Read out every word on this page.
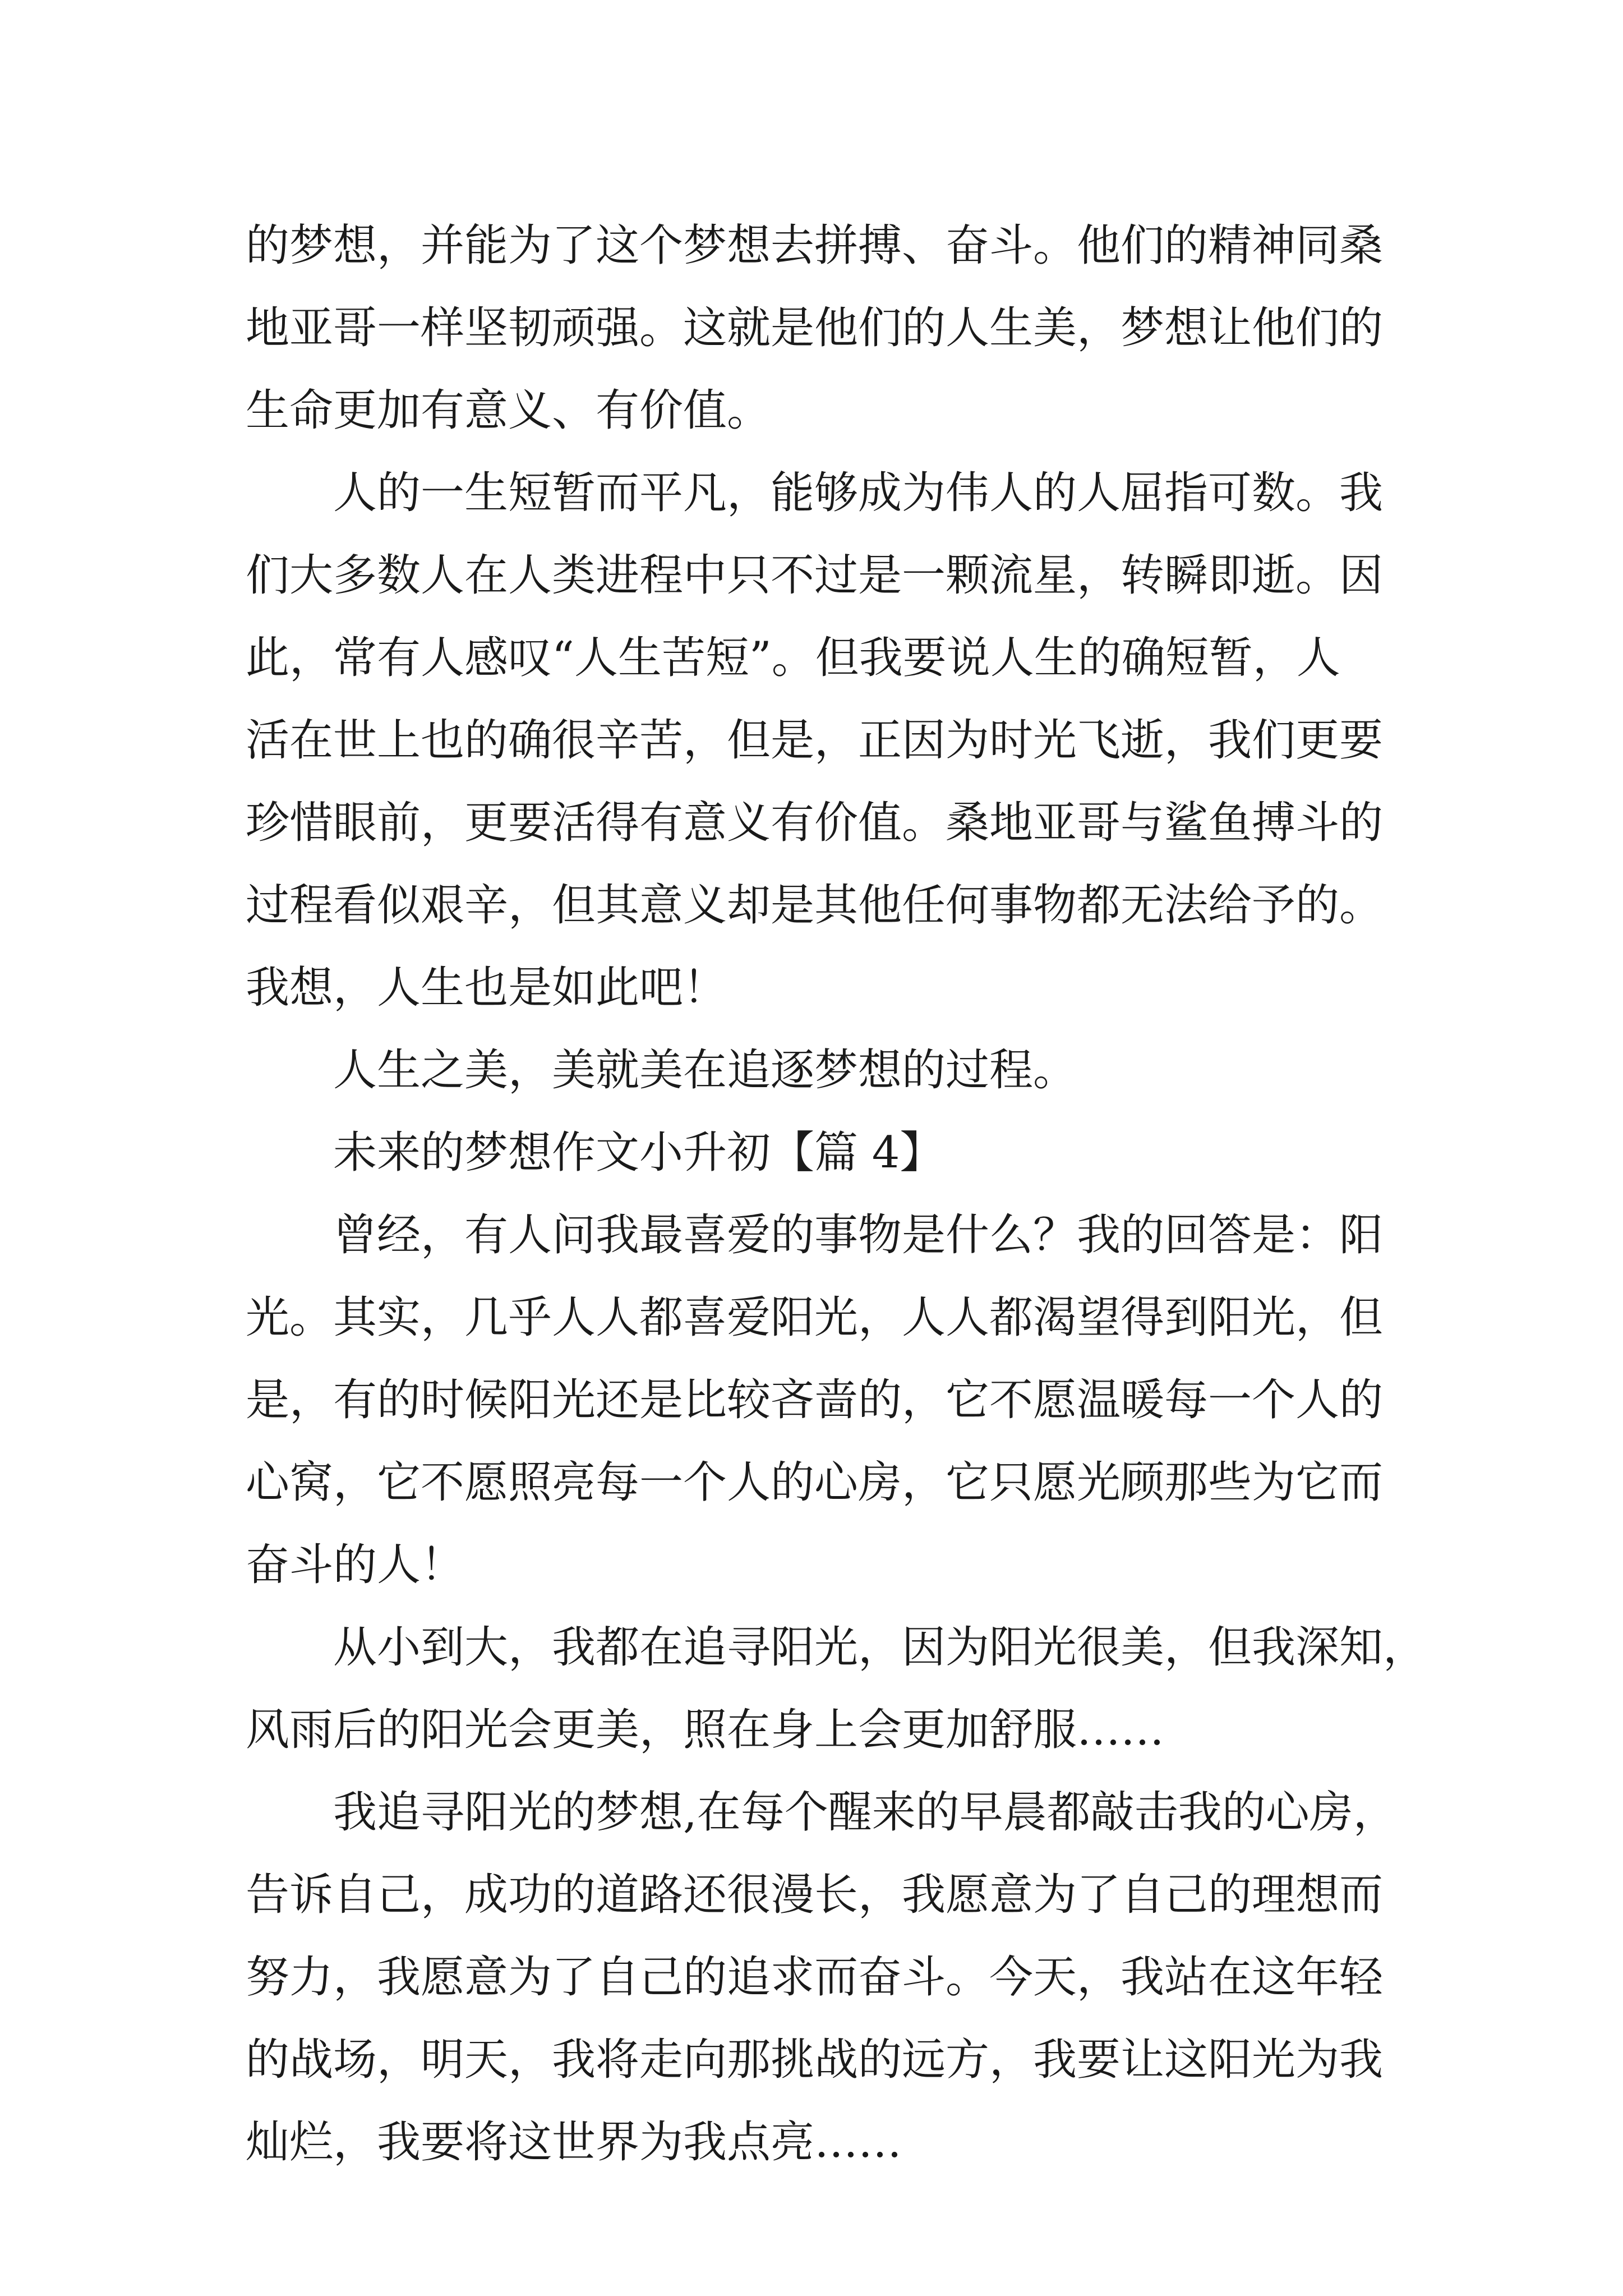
的梦想，并能为了这个梦想去拼搏、奋斗。他们的精神同桑
地亚哥一样坚韧顽强。这就是他们的人生美，梦想让他们的
生命更加有意义、有价值。

人的一生短暂而平凡，能够成为伟人的人屈指可数。我
们大多数人在人类进程中只不过是一颗流星，转瞬即逝。因
此，常有人感叹“人生苦短”。但我要说人生的确短暂，人
活在世上也的确很辛苦，但是，正因为时光飞逝，我们更要
珍惜眼前，更要活得有意义有价值。桑地亚哥与鲨鱼搏斗的
过程看似艰辛，但其意义却是其他任何事物都无法给予的。
我想，人生也是如此吧！

人生之美，美就美在追逐梦想的过程。

未来的梦想作文小升初【篇 4】

曾经，有人问我最喜爱的事物是什么？我的回答是：阳
光。其实，几乎人人都喜爱阳光，人人都渴望得到阳光，但
是，有的时候阳光还是比较吝啬的，它不愿温暖每一个人的
心窝，它不愿照亮每一个人的心房，它只愿光顾那些为它而
奋斗的人！

从小到大，我都在追寻阳光，因为阳光很美，但我深知，
风雨后的阳光会更美，照在身上会更加舒服……

我追寻阳光的梦想,在每个醒来的早晨都敲击我的心房，
告诉自己，成功的道路还很漫长，我愿意为了自己的理想而
努力，我愿意为了自己的追求而奋斗。今天，我站在这年轻
的战场，明天，我将走向那挑战的远方，我要让这阳光为我
灿烂，我要将这世界为我点亮……
